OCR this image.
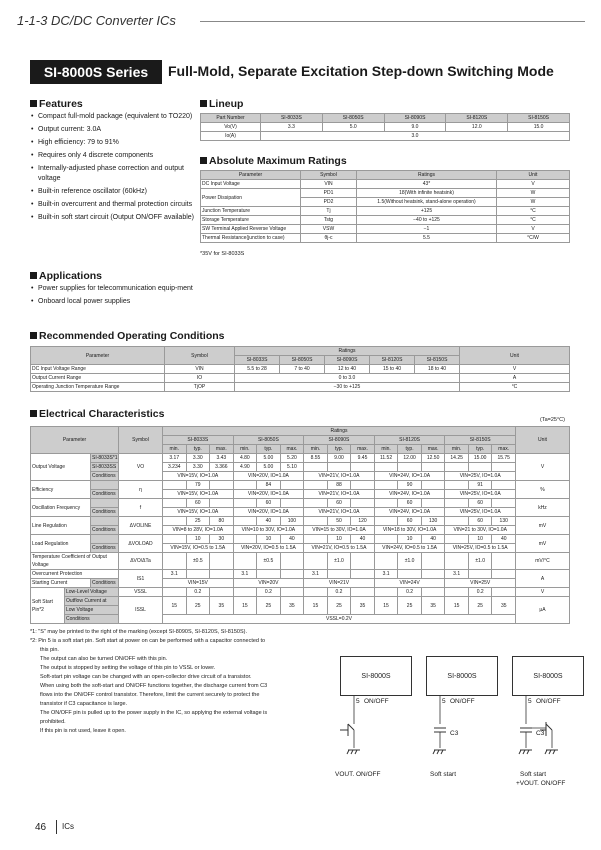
1-1-3 DC/DC Converter ICs
SI-8000S Series	Full-Mold, Separate Excitation Step-down Switching Mode
Features
• Compact full-mold package (equivalent to TO220)
• Output current: 3.0A
• High efficiency: 79 to 91%
• Requires only 4 discrete components
• Internally-adjusted phase correction and output voltage
• Built-in reference oscillator (60kHz)
• Built-in overcurrent and thermal protection circuits
• Built-in soft start circuit (Output ON/OFF available)
Applications
• Power supplies for telecommunication equip-ment
• Onboard local power supplies
Lineup
Part Number	SI-8033S	SI-8050S	SI-8090S	SI-8120S	SI-8150S
Vo(V)	3.3	5.0	9.0	12.0	15.0
Io(A)	3.0				
Absolute Maximum Ratings
Parameter	Symbol	Ratings	Unit
DC Input Voltage	VIN	43*	V
Power Dissipation	PD1	18(With infinite heatsink)	W
	PD2	1.5(Without heatsink, stand-alone operation)	W
Junction Temperature	Tj	+125	°C
Storage Temperature	Tstg	−40 to +125	°C
SW Terminal Applied Reverse Voltage	VSW	−1	V
Thermal Resistance(junction to case)	θj-c	5.5	°C/W
*35V for SI-8033S
Recommended Operating Conditions
Parameter	Symbol	Ratings					Unit
		SI-8033S	SI-8050S	SI-8090S	SI-8120S	SI-8150S	
DC Input Voltage Range	VIN	5.5 to 28	7 to 40	12 to 40	15 to 40	18 to 40	V
Output Current Range	IO	0 to 3.0					A
Operating Junction Temperature Range	TjOP	−30 to +125					°C
Electrical Characteristics	(Ta=25°C)
Parameter			Symbol	Ratings															Unit
				SI-8033S			SI-8050S			SI-8090S			SI-8120S			SI-8150S			
				min.	typ.	max.	min.	typ.	max.	min.	typ.	max.	min.	typ.	max.	min.	typ.	max.	
Output Voltage		SI-8033S*1	VO	3.17	3.30	3.43	4.80	5.00	5.20	8.55	9.00	9.45	11.52	12.00	12.50	14.25	15.00	15.75	V
		SI-8033SS		3.234	3.30	3.366	4.90	5.00	5.10										
		Conditions		VIN=15V, IO=1.0A			VIN=20V, IO=1.0A			VIN=21V, IO=1.0A			VIN=24V, IO=1.0A			VIN=25V, IO=1.0A			
Efficiency			η		79			84			88			90			91		%
		Conditions		VIN=15V, IO=1.0A			VIN=20V, IO=1.0A			VIN=21V, IO=1.0A			VIN=24V, IO=1.0A			VIN=25V, IO=1.0A			
Oscillation Frequency			f		60			60			60			60			60		kHz
		Conditions		VIN=15V, IO=1.0A			VIN=20V, IO=1.0A			VIN=21V, IO=1.0A			VIN=24V, IO=1.0A			VIN=25V, IO=1.0A			
Line Regulation			ΔVOLINE		25	80		40	100		50	120		60	130		60	130	mV
		Conditions		VIN=8 to 28V, IO=1.0A			VIN=10 to 30V, IO=1.0A			VIN=15 to 30V, IO=1.0A			VIN=18 to 30V, IO=1.0A			VIN=21 to 30V, IO=1.0A			
Load Regulation			ΔVOLOAD		10	30		10	40		10	40		10	40		10	40	mV
		Conditions		VIN=15V, IO=0.5 to 1.5A			VIN=20V, IO=0.5 to 1.5A			VIN=21V, IO=0.5 to 1.5A			VIN=24V, IO=0.5 to 1.5A			VIN=25V, IO=0.5 to 1.5A			
Temperature Coefficient of Output Voltage			ΔVO/ΔTa		±0.5			±0.5			±1.0			±1.0			±1.0		mV/°C
Overcurrent Protection			IS1	3.1			3.1			3.1			3.1			3.1			A
Starting Current		Conditions		VIN=15V			VIN=20V			VIN=21V			VIN=24V			VIN=25V			
Soft Start Pin*2	Low-Level Voltage		VSSL		0.2			0.2			0.2			0.2			0.2		V
	Outflow Current at		ISSL	15	25	35	15	25	35	15	25	35	15	25	35	15	25	35	μA
	Low Voltage																		
	Conditions			VSSL=0.2V															
*1: "S" may be printed to the right of the marking (except SI-8090S, SI-8120S, SI-8150S).
*2: Pin 5 is a soft start pin. Soft start at power on can be performed with a capacitor connected to
this pin.
The output can also be turned ON/OFF with this pin.
The output is stopped by setting the voltage of this pin to VSSL or lower.
Soft-start pin voltage can be changed with an open-collector drive circuit of a transistor.
When using both the soft-start and ON/OFF functions together, the discharge current from C3
flows into the ON/OFF control transistor. Therefore, limit the current securely to protect the
transistor if C3 capacitance is large.
The ON/OFF pin is pulled up to the power supply in the IC, so applying the external voltage is
prohibited.
If this pin is not used, leave it open.
SI-8000S
5 ON/OFF
VOUT. ON/OFF
SI-8000S
5 ON/OFF
C3
Soft start
SI-8000S
5 ON/OFF
C3
Soft start
+VOUT. ON/OFF
46 ICs
